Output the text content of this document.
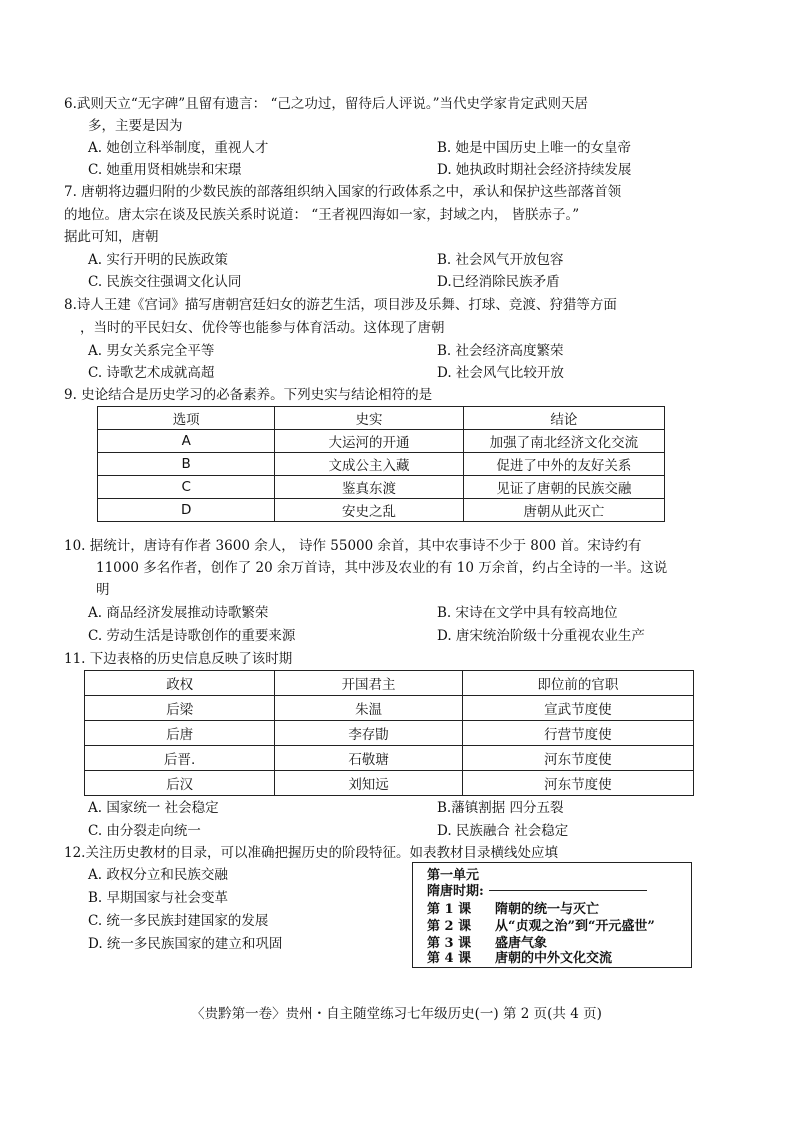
6.武则天立“无字碑”且留有遗言： “己之功过，留待后人评说。”当代史学家肯定武则天居
多，主要是因为
A. 她创立科举制度，重视人才	B. 她是中国历史上唯一的女皇帝
C. 她重用贤相姚崇和宋璟	D. 她执政时期社会经济持续发展
7. 唐朝将边疆归附的少数民族的部落组织纳入国家的行政体系之中，承认和保护这些部落首领
的地位。唐太宗在谈及民族关系时说道： “王者视四海如一家，封域之内， 皆朕赤子。”
据此可知，唐朝
A. 实行开明的民族政策	B. 社会风气开放包容
C. 民族交往强调文化认同	D.已经消除民族矛盾
8.诗人王建《宫词》描写唐朝宫廷妇女的游艺生活，项目涉及乐舞、打球、竞渡、狩猎等方面
，当时的平民妇女、优伶等也能参与体育活动。这体现了唐朝
A. 男女关系完全平等	B. 社会经济高度繁荣
C. 诗歌艺术成就高超	D. 社会风气比较开放
9. 史论结合是历史学习的必备素养。下列史实与结论相符的是
选项	史实	结论
A	大运河的开通	加强了南北经济文化交流
B	文成公主入藏	促进了中外的友好关系
C	鉴真东渡	见证了唐朝的民族交融
D	安史之乱	唐朝从此灭亡
10. 据统计，唐诗有作者 3600 余人， 诗作 55000 余首，其中农事诗不少于 800 首。宋诗约有
11000 多名作者，创作了 20 余万首诗，其中涉及农业的有 10 万余首，约占全诗的一半。这说
明
A. 商品经济发展推动诗歌繁荣	B. 宋诗在文学中具有较高地位
C. 劳动生活是诗歌创作的重要来源	D. 唐宋统治阶级十分重视农业生产
11. 下边表格的历史信息反映了该时期
政权	开国君主	即位前的官职
后梁	朱温	宣武节度使
后唐	李存勖	行营节度使
后晋.	石敬瑭	河东节度使
后汉	刘知远	河东节度使
A. 国家统一 社会稳定	B.藩镇割据 四分五裂
C. 由分裂走向统一	D. 民族融合 社会稳定
12.关注历史教材的目录，可以准确把握历史的阶段特征。如表教材目录横线处应填
A. 政权分立和民族交融
B. 早期国家与社会变革
C. 统一多民族封建国家的发展
D. 统一多民族国家的建立和巩固
第一单元
隋唐时期:
第 1 课 隋朝的统一与灭亡
第 2 课 从“贞观之治”到“开元盛世”
第 3 课 盛唐气象
第 4 课 唐朝的中外文化交流
〈贵黔第一卷〉贵州・自主随堂练习七年级历史(一) 第 2 页(共 4 页)
